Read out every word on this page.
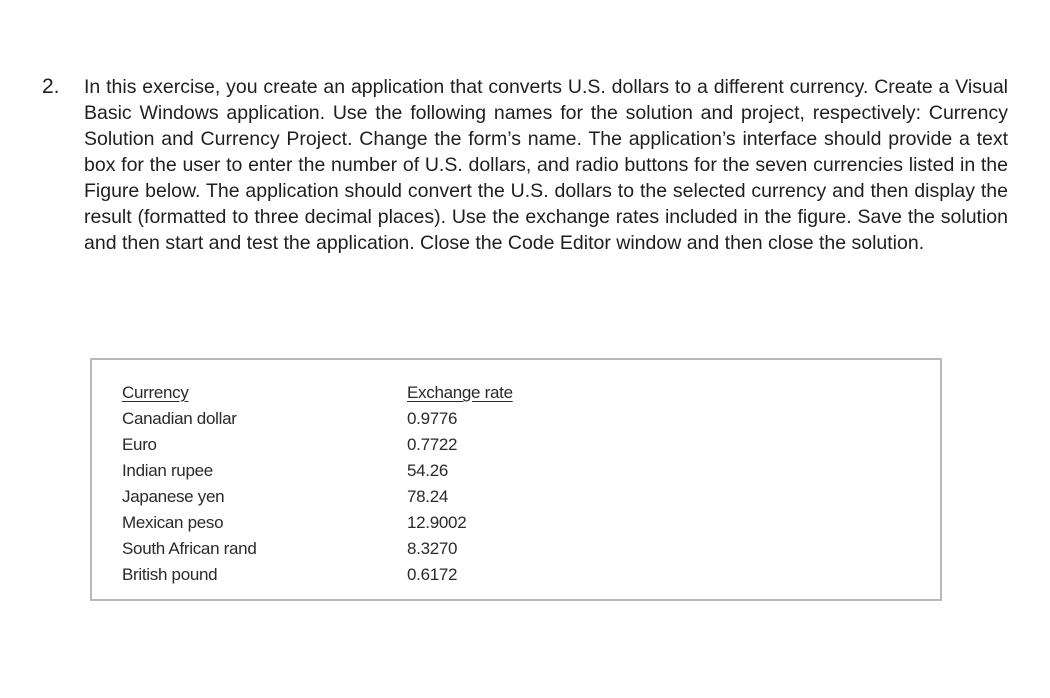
2. In this exercise, you create an application that converts U.S. dollars to a different currency. Create a Visual Basic Windows application. Use the following names for the solution and project, respectively: Currency Solution and Currency Project. Change the form’s name. The application’s interface should provide a text box for the user to enter the number of U.S. dollars, and radio buttons for the seven currencies listed in the Figure below. The application should convert the U.S. dollars to the selected currency and then display the result (formatted to three decimal places). Use the exchange rates included in the figure. Save the solution and then start and test the application. Close the Code Editor window and then close the solution.

Currency
Canadian dollar
Euro
Indian rupee
Japanese yen
Mexican peso
South African rand
British pound
Exchange rate
0.9776
0.7722
54.26
78.24
12.9002
8.3270
0.6172
